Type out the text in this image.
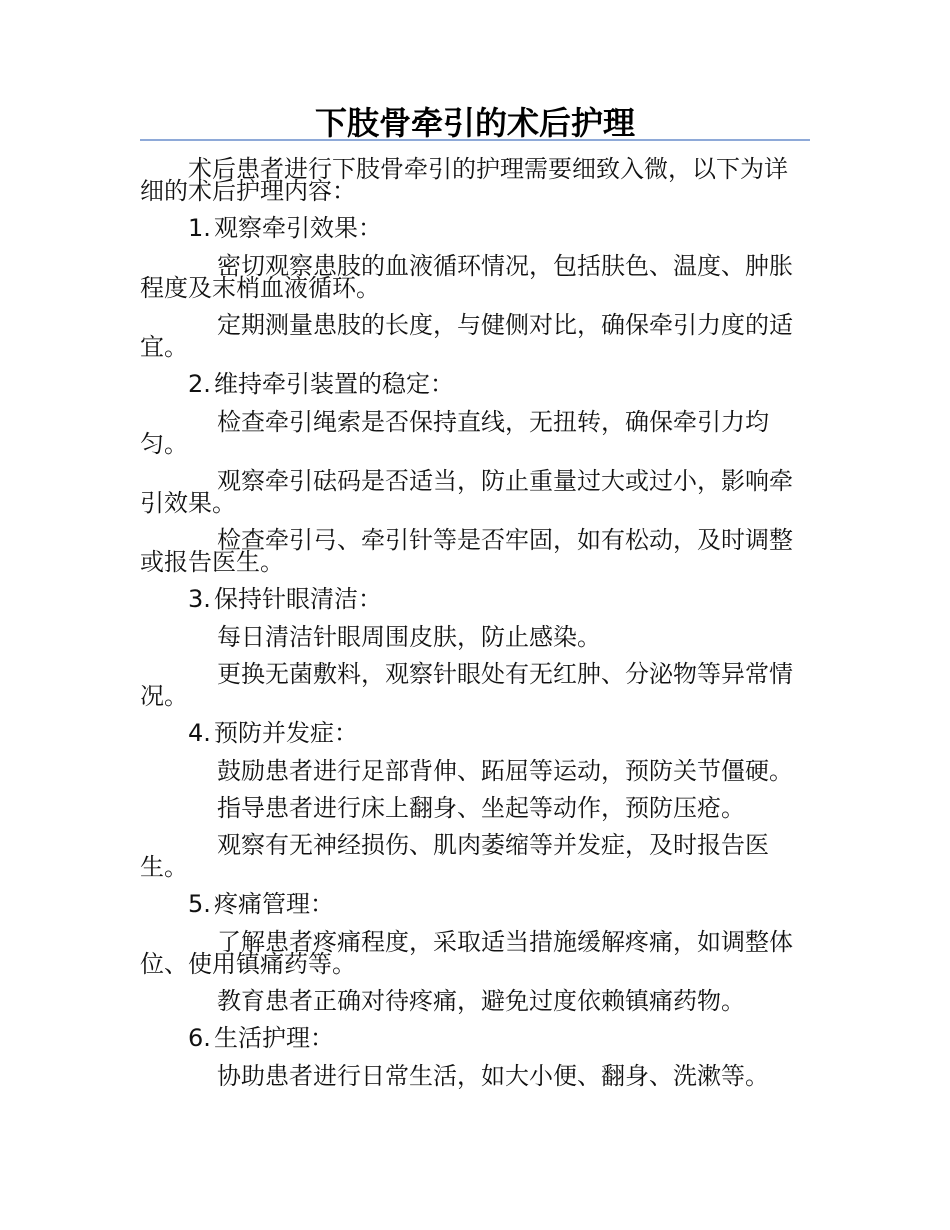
下肢骨牵引的术后护理

术后患者进行下肢骨牵引的护理需要细致入微，以下为详细的术后护理内容：

1. 观察牵引效果：

密切观察患肢的血液循环情况，包括肤色、温度、肿胀程度及末梢血液循环。

定期测量患肢的长度，与健侧对比，确保牵引力度的适宜。

2. 维持牵引装置的稳定：

检查牵引绳索是否保持直线，无扭转，确保牵引力均匀。

观察牵引砝码是否适当，防止重量过大或过小，影响牵引效果。

检查牵引弓、牵引针等是否牢固，如有松动，及时调整或报告医生。

3. 保持针眼清洁：

每日清洁针眼周围皮肤，防止感染。

更换无菌敷料，观察针眼处有无红肿、分泌物等异常情况。

4. 预防并发症：

鼓励患者进行足部背伸、跖屈等运动，预防关节僵硬。

指导患者进行床上翻身、坐起等动作，预防压疮。

观察有无神经损伤、肌肉萎缩等并发症，及时报告医生。

5. 疼痛管理：

了解患者疼痛程度，采取适当措施缓解疼痛，如调整体位、使用镇痛药等。

教育患者正确对待疼痛，避免过度依赖镇痛药物。

6. 生活护理：

协助患者进行日常生活，如大小便、翻身、洗漱等。
